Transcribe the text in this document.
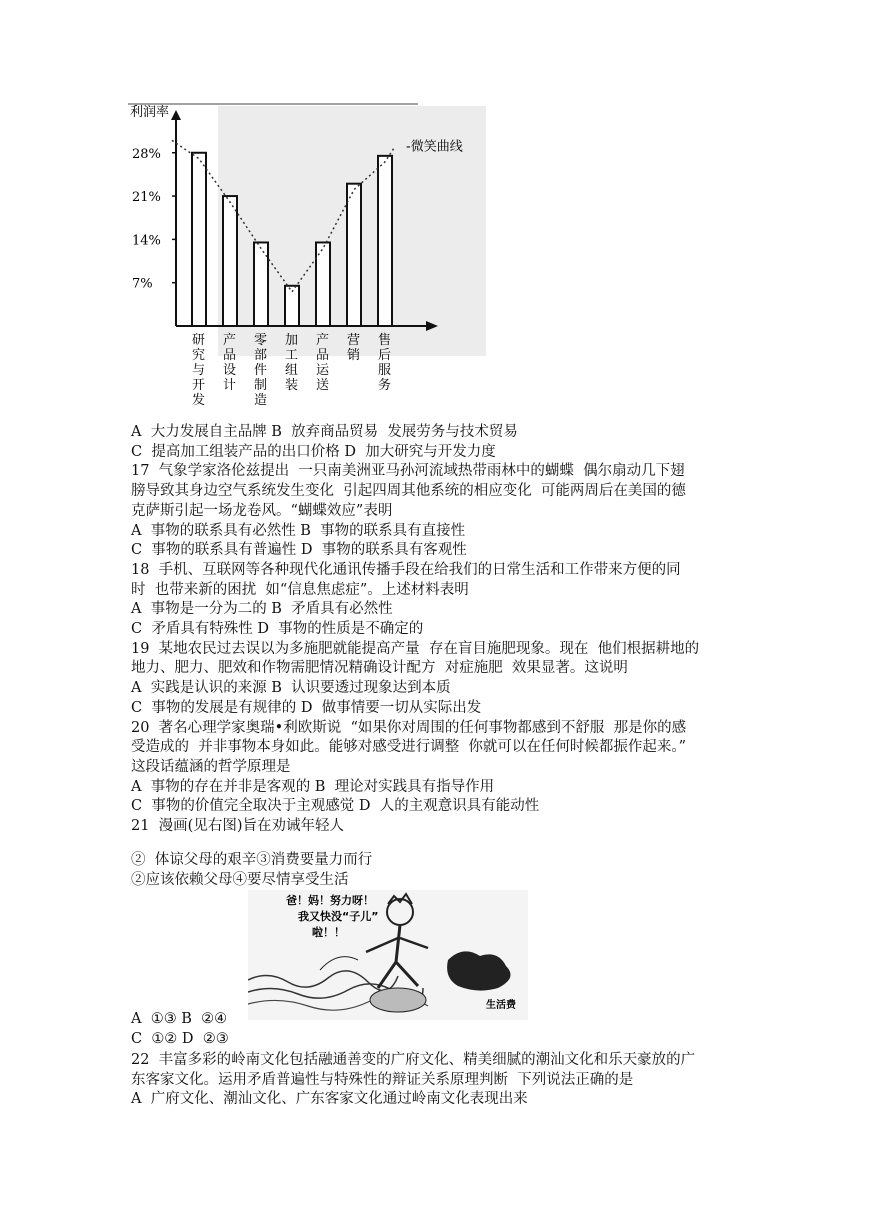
利润率
28%
21%
14%
7%
研
究
与
开
发
产
品
设
计
零
部
件
制
造
加
工
组
装
产
品
运
送
营
销
售
后
服
务
-微笑曲线

A  大力发展自主品牌 B  放弃商品贸易  发展劳务与技术贸易

C  提高加工组装产品的出口价格 D  加大研究与开发力度

17  气象学家洛伦兹提出  一只南美洲亚马孙河流域热带雨林中的蝴蝶  偶尔扇动几下翅

膀导致其身边空气系统发生变化  引起四周其他系统的相应变化  可能两周后在美国的德

克萨斯引起一场龙卷风。“蝴蝶效应”表明

A  事物的联系具有必然性 B  事物的联系具有直接性

C  事物的联系具有普遍性 D  事物的联系具有客观性

18  手机、互联网等各种现代化通讯传播手段在给我们的日常生活和工作带来方便的同

时  也带来新的困扰  如“信息焦虑症”。上述材料表明

A  事物是一分为二的 B  矛盾具有必然性

C  矛盾具有特殊性 D  事物的性质是不确定的

19  某地农民过去误以为多施肥就能提高产量  存在盲目施肥现象。现在  他们根据耕地的

地力、肥力、肥效和作物需肥情况精确设计配方  对症施肥  效果显著。这说明

A  实践是认识的来源 B  认识要透过现象达到本质

C  事物的发展是有规律的 D  做事情要一切从实际出发

20  著名心理学家奥瑞•利欧斯说  “如果你对周围的任何事物都感到不舒服  那是你的感

受造成的  并非事物本身如此。能够对感受进行调整  你就可以在任何时候都振作起来。”

这段话蕴涵的哲学原理是

A  事物的存在并非是客观的 B  理论对实践具有指导作用

C  事物的价值完全取决于主观感觉 D  人的主观意识具有能动性

21  漫画(见右图)旨在劝诫年轻人

②  体谅父母的艰辛③消费要量力而行

②应该依赖父母④要尽情享受生活

爸！妈！努力呀！
我又快没“子儿”
啦！！
生活费
A  ①③ B  ②④
C  ①② D  ②③

22  丰富多彩的岭南文化包括融通善变的广府文化、精美细腻的潮汕文化和乐天豪放的广

东客家文化。运用矛盾普遍性与特殊性的辩证关系原理判断  下列说法正确的是

A  广府文化、潮汕文化、广东客家文化通过岭南文化表现出来
